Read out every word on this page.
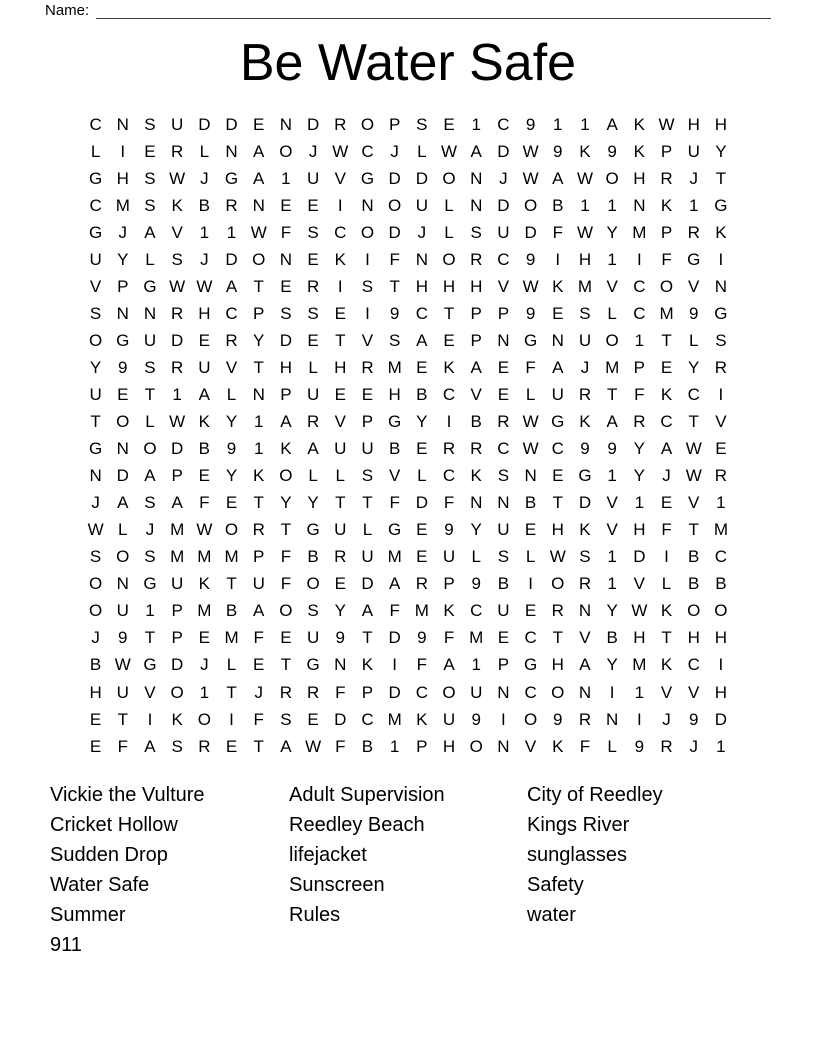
Name:
Be Water Safe
C N S U D D E N D R O P S E 1 C 9	1	1 A K W H H
L	I	E R L N A O J W C J	L W A D W 9 K 9 K P U Y
G H S W J G A 1 U V G D D O N J W A W O H R J	T
C M S K B R N E E	I	N O U L N D O B 1	1 N K 1 G
G J	A V 1	1 W F S C O D J	L S U D F W Y M P R K
U Y L S	J D O N E K	I	F N O R C 9	I	H 1	I	F G	I
V P G W W A T E R	I	S T H H H V W K M V C O V N
S N N R H C P S S E	I	9 C T P P 9 E S L C M 9 G
O G U D E R Y D E T V S A E P N G N U O 1	T	L S
Y 9 S R U V T H L H R M E K A E F A	J M P E Y R
U E T	1 A L N P U E E H B C V E L U R T F K C	I
T O L W K Y 1 A R V P G Y	I	B R W G K A R C T V
G N O D B 9	1 K A U U B E R R C W C 9	9 Y A W E
N D A P E Y K O L	L S V L C K S N E G 1 Y	J W R
J	A S A F E T Y Y T T F D F N N B T D V 1 E V 1
W L	J M W O R T G U L G E 9 Y U E H K V H F T M
S O S M M M P F B R U M E U L S L W S 1 D	I	B C
O N G U K T U F O E D A R P 9 B	I	O R 1 V L B B
O U 1 P M B A O S Y A F M K C U E R N Y W K O O
J	9	T P E M F E U 9	T D 9	F M E C T V B H T H H
B W G D J	L E T G N K	I	F A 1 P G H A Y M K C	I
H U V O 1	T	J R R F P D C O U N C O N	I	1 V V H
E T	I	K O	I	F S E D C M K U 9	I	O 9 R N	I	J	9 D
E F A S R E T A W F B 1 P H O N V K F	L	9 R J	1
Vickie the Vulture
Cricket Hollow
Sudden Drop
Water Safe
Summer
911
Adult Supervision
Reedley Beach
lifejacket
Sunscreen
Rules
City of Reedley
Kings River
sunglasses
Safety
water
